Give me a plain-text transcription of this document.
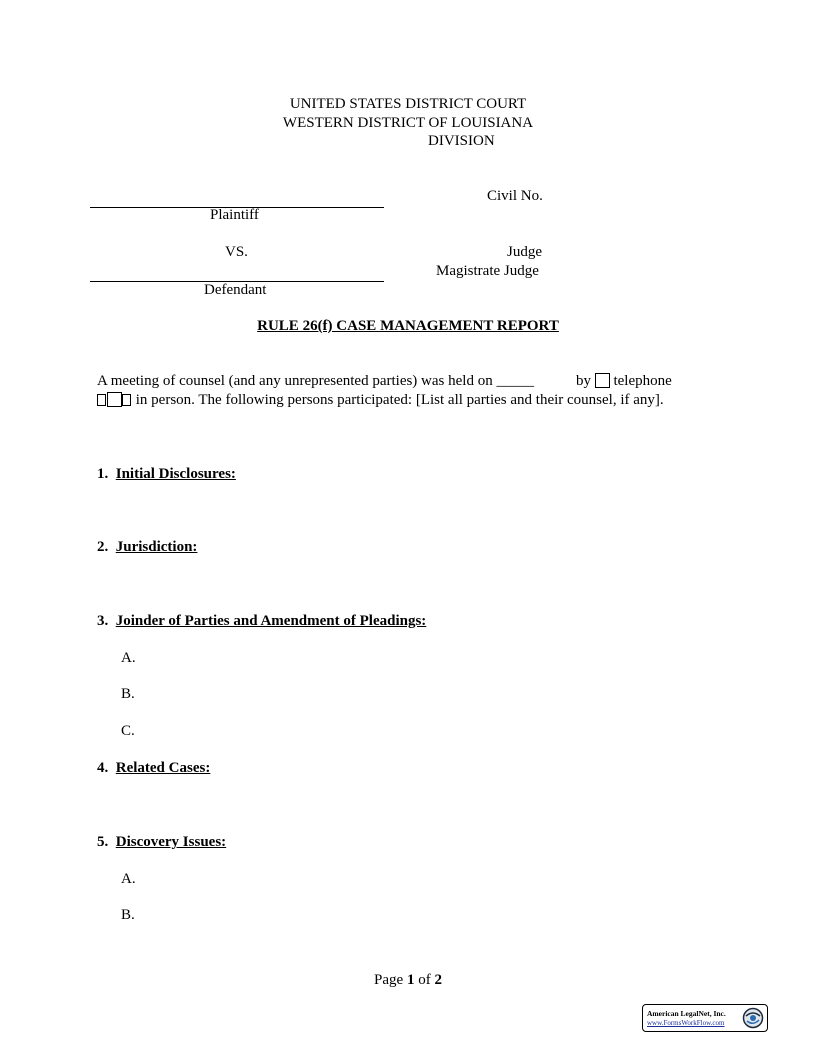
UNITED STATES DISTRICT COURT
WESTERN DISTRICT OF LOUISIANA
DIVISION
Civil No.
Plaintiff
VS.	Judge
Magistrate Judge
Defendant
RULE 26(f) CASE MANAGEMENT REPORT
A meeting of counsel (and any unrepresented parties) was held on _____	by telephone
in person. The following persons participated: [List all parties and their counsel, if any].
1. Initial Disclosures:
2. Jurisdiction:
3. Joinder of Parties and Amendment of Pleadings:
A.
B.
C.
4. Related Cases:
5. Discovery Issues:
A.
B.
Page 1 of 2
American LegalNet, Inc.
www.FormsWorkFlow.com
